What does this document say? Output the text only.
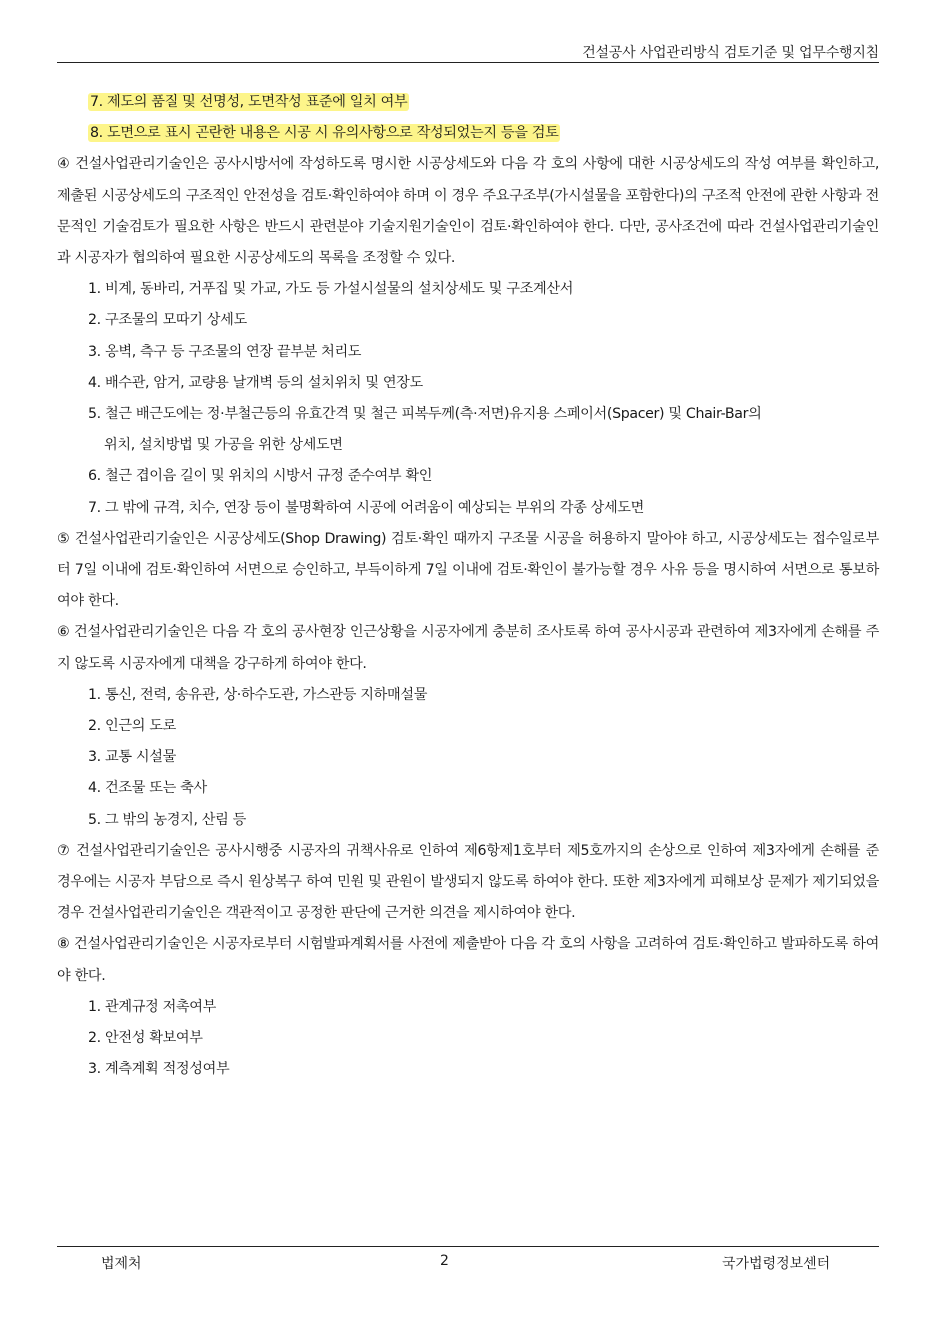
건설공사 사업관리방식 검토기준 및 업무수행지침

7. 제도의 품질 및 선명성, 도면작성 표준에 일치 여부

8. 도면으로 표시 곤란한 내용은 시공 시 유의사항으로 작성되었는지 등을 검토

④ 건설사업관리기술인은 공사시방서에 작성하도록 명시한 시공상세도와 다음 각 호의 사항에 대한 시공상세도의 작성 여부를 확인하고, 제출된 시공상세도의 구조적인 안전성을 검토·확인하여야 하며 이 경우 주요구조부(가시설물을 포함한다)의 구조적 안전에 관한 사항과 전문적인 기술검토가 필요한 사항은 반드시 관련분야 기술지원기술인이 검토·확인하여야 한다. 다만, 공사조건에 따라 건설사업관리기술인과 시공자가 협의하여 필요한 시공상세도의 목록을 조정할 수 있다.

1. 비계, 동바리, 거푸집 및 가교, 가도 등 가설시설물의 설치상세도 및 구조계산서

2. 구조물의 모따기 상세도

3. 옹벽, 측구 등 구조물의 연장 끝부분 처리도

4. 배수관, 암거, 교량용 날개벽 등의 설치위치 및 연장도

5. 철근 배근도에는 정·부철근등의 유효간격 및 철근 피복두께(측·저면)유지용 스페이서(Spacer) 및 Chair-Bar의
위치, 설치방법 및 가공을 위한 상세도면

6. 철근 겹이음 길이 및 위치의 시방서 규정 준수여부 확인

7. 그 밖에 규격, 치수, 연장 등이 불명확하여 시공에 어려움이 예상되는 부위의 각종 상세도면

⑤ 건설사업관리기술인은 시공상세도(Shop Drawing) 검토·확인 때까지 구조물 시공을 허용하지 말아야 하고, 시공상세도는 접수일로부터 7일 이내에 검토·확인하여 서면으로 승인하고, 부득이하게 7일 이내에 검토·확인이 불가능할 경우 사유 등을 명시하여 서면으로 통보하여야 한다.

⑥ 건설사업관리기술인은 다음 각 호의 공사현장 인근상황을 시공자에게 충분히 조사토록 하여 공사시공과 관련하여 제3자에게 손해를 주지 않도록 시공자에게 대책을 강구하게 하여야 한다.

1. 통신, 전력, 송유관, 상·하수도관, 가스관등 지하매설물

2. 인근의 도로

3. 교통 시설물

4. 건조물 또는 축사

5. 그 밖의 농경지, 산림 등

⑦ 건설사업관리기술인은 공사시행중 시공자의 귀책사유로 인하여 제6항제1호부터 제5호까지의 손상으로 인하여 제3자에게 손해를 준 경우에는 시공자 부담으로 즉시 원상복구 하여 민원 및 관원이 발생되지 않도록 하여야 한다. 또한 제3자에게 피해보상 문제가 제기되었을 경우 건설사업관리기술인은 객관적이고 공정한 판단에 근거한 의견을 제시하여야 한다.

⑧ 건설사업관리기술인은 시공자로부터 시험발파계획서를 사전에 제출받아 다음 각 호의 사항을 고려하여 검토·확인하고 발파하도록 하여야 한다.

1. 관계규정 저촉여부

2. 안전성 확보여부

3. 계측계획 적정성여부

법제처	2	국가법령정보센터
